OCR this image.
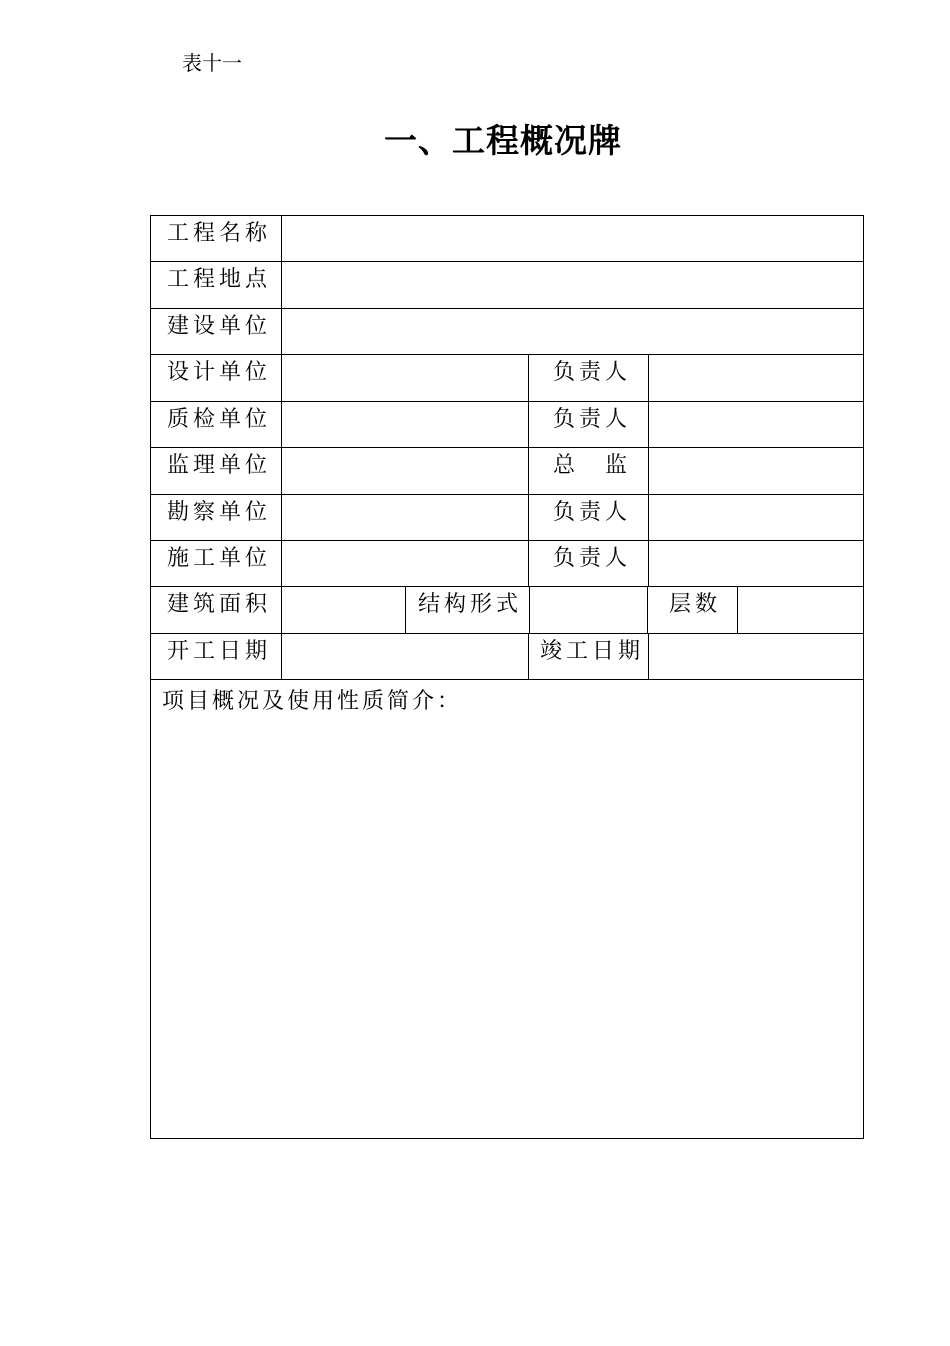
表十一
一、工程概况牌
工程名称
工程地点
建设单位
设计单位
质检单位
监理单位
勘察单位
施工单位
建筑面积
开工日期
负责人
负责人
总　监
负责人
负责人
结构形式	层数
竣工日期
项目概况及使用性质简介：
